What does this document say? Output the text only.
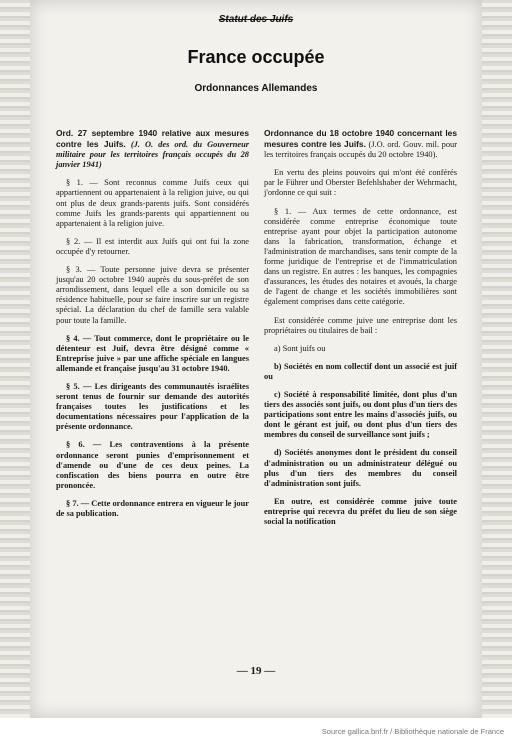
Statut des Juifs
France occupée
Ordonnances Allemandes
Ord. 27 septembre 1940 relative aux mesures contre les Juifs. (J. O. des ord. du Gouverneur militaire pour les territoires français occupés du 28 janvier 1941)

§ 1. — Sont reconnus comme Juifs ceux qui appartiennent ou appartenaient à la religion juive, ou qui ont plus de deux grands-parents juifs. Sont considérés comme Juifs les grands-parents qui appartiennent ou appartenaient à la religion juive.

§ 2. — Il est interdit aux Juifs qui ont fui la zone occupée d'y retourner.

§ 3. — Toute personne juive devra se présenter jusqu'au 20 octobre 1940 auprès du sous-préfet de son arrondissement, dans lequel elle a son domicile ou sa résidence habituelle, pour se faire inscrire sur un registre spécial. La déclaration du chef de famille sera valable pour toute la famille.

§ 4. — Tout commerce, dont le propriétaire ou le détenteur est Juif, devra être désigné comme « Entreprise juive » par une affiche spéciale en langues allemande et française jusqu'au 31 octobre 1940.

§ 5. — Les dirigeants des communautés israélites seront tenus de fournir sur demande des autorités françaises toutes les justifications et les documentations nécessaires pour l'application de la présente ordonnance.

§ 6. — Les contraventions à la présente ordonnance seront punies d'emprisonnement et d'amende ou d'une de ces deux peines. La confiscation des biens pourra en outre être prononcée.

§ 7. — Cette ordonnance entrera en vigueur le jour de sa publication.

Ordonnance du 18 octobre 1940 concernant les mesures contre les Juifs. (J.O. ord. Gouv. mil. pour les territoires français occupés du 20 octobre 1940).

En vertu des pleins pouvoirs qui m'ont été conférés par le Führer und Oberster Befehlshaber der Wehrmacht, j'ordonne ce qui suit :

§ 1. — Aux termes de cette ordonnance, est considérée comme entreprise économique toute entreprise ayant pour objet la participation autonome dans la fabrication, transformation, échange et l'administration de marchandises, sans tenir compte de la forme juridique de l'entreprise et de l'immatriculation dans un registre. En autres : les banques, les compagnies d'assurances, les études des notaires et avoués, la charge de l'agent de change et les sociétés immobilières sont également comprises dans cette catégorie.

Est considérée comme juive une entreprise dont les propriétaires ou titulaires de bail :

a) Sont juifs ou

b) Sociétés en nom collectif dont un associé est juif ou

c) Société à responsabilité limitée, dont plus d'un tiers des associés sont juifs, ou dont plus d'un tiers des participations sont entre les mains d'associés juifs, ou dont le gérant est juif, ou dont plus d'un tiers des membres du conseil de surveillance sont juifs ;

d) Sociétés anonymes dont le président du conseil d'administration ou un administrateur délégué ou plus d'un tiers des membres du conseil d'administration sont juifs.

En outre, est considérée comme juive toute entreprise qui recevra du préfet du lieu de son siège social la notification

— 19 —
Source gallica.bnf.fr / Bibliothèque nationale de France
